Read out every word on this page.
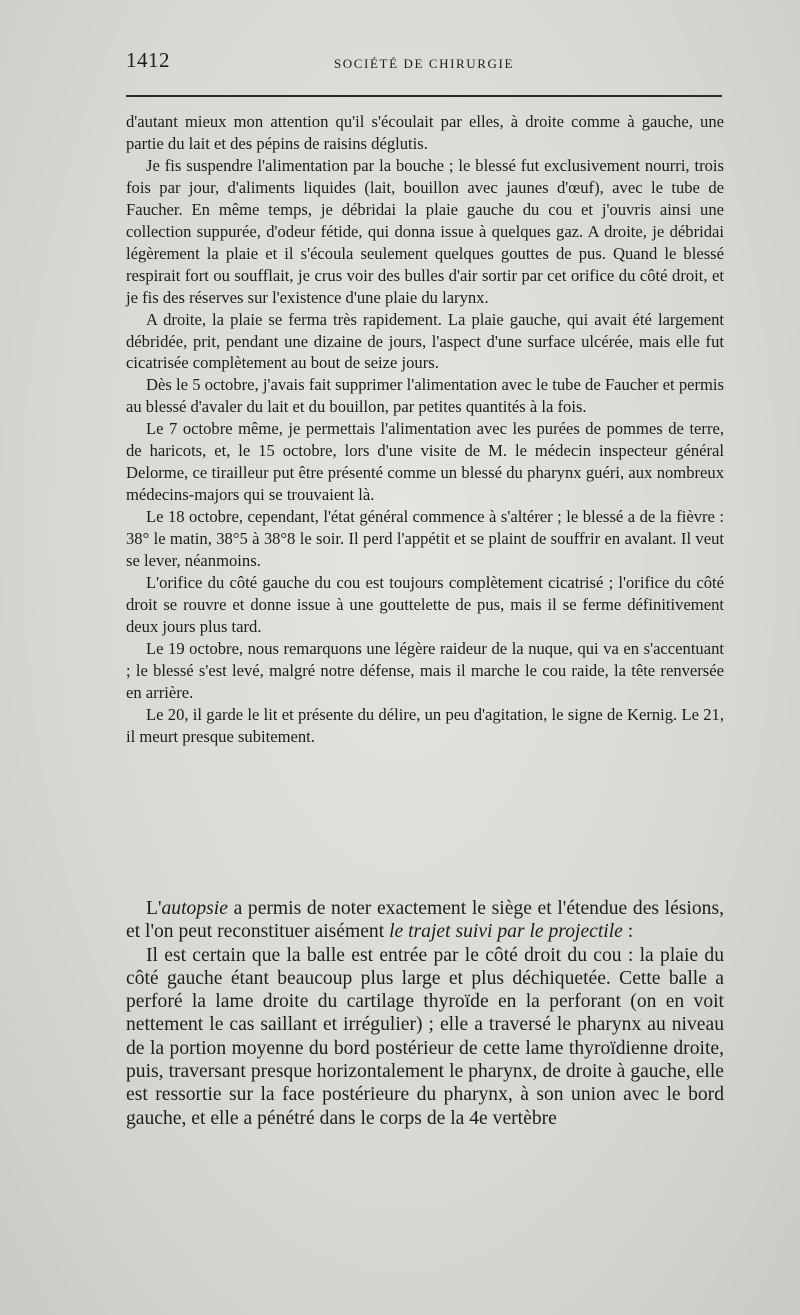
1412	SOCIÉTÉ DE CHIRURGIE

d'autant mieux mon attention qu'il s'écoulait par elles, à droite comme à gauche, une partie du lait et des pépins de raisins déglutis.

Je fis suspendre l'alimentation par la bouche ; le blessé fut exclusivement nourri, trois fois par jour, d'aliments liquides (lait, bouillon avec jaunes d'œuf), avec le tube de Faucher. En même temps, je débridai la plaie gauche du cou et j'ouvris ainsi une collection suppurée, d'odeur fétide, qui donna issue à quelques gaz. A droite, je débridai légèrement la plaie et il s'écoula seulement quelques gouttes de pus. Quand le blessé respirait fort ou soufflait, je crus voir des bulles d'air sortir par cet orifice du côté droit, et je fis des réserves sur l'existence d'une plaie du larynx.

A droite, la plaie se ferma très rapidement. La plaie gauche, qui avait été largement débridée, prit, pendant une dizaine de jours, l'aspect d'une surface ulcérée, mais elle fut cicatrisée complètement au bout de seize jours.

Dès le 5 octobre, j'avais fait supprimer l'alimentation avec le tube de Faucher et permis au blessé d'avaler du lait et du bouillon, par petites quantités à la fois.

Le 7 octobre même, je permettais l'alimentation avec les purées de pommes de terre, de haricots, et, le 15 octobre, lors d'une visite de M. le médecin inspecteur général Delorme, ce tirailleur put être présenté comme un blessé du pharynx guéri, aux nombreux médecins-majors qui se trouvaient là.

Le 18 octobre, cependant, l'état général commence à s'altérer ; le blessé a de la fièvre : 38° le matin, 38°5 à 38°8 le soir. Il perd l'appétit et se plaint de souffrir en avalant. Il veut se lever, néanmoins.

L'orifice du côté gauche du cou est toujours complètement cicatrisé ; l'orifice du côté droit se rouvre et donne issue à une gouttelette de pus, mais il se ferme définitivement deux jours plus tard.

Le 19 octobre, nous remarquons une légère raideur de la nuque, qui va en s'accentuant ; le blessé s'est levé, malgré notre défense, mais il marche le cou raide, la tête renversée en arrière.

Le 20, il garde le lit et présente du délire, un peu d'agitation, le signe de Kernig. Le 21, il meurt presque subitement.

L'autopsie a permis de noter exactement le siège et l'étendue des lésions, et l'on peut reconstituer aisément le trajet suivi par le projectile :

Il est certain que la balle est entrée par le côté droit du cou : la plaie du côté gauche étant beaucoup plus large et plus déchiquetée. Cette balle a perforé la lame droite du cartilage thyroïde en la perforant (on en voit nettement le cas saillant et irrégulier) ; elle a traversé le pharynx au niveau de la portion moyenne du bord postérieur de cette lame thyroïdienne droite, puis, traversant presque horizontalement le pharynx, de droite à gauche, elle est ressortie sur la face postérieure du pharynx, à son union avec le bord gauche, et elle a pénétré dans le corps de la 4e vertèbre
